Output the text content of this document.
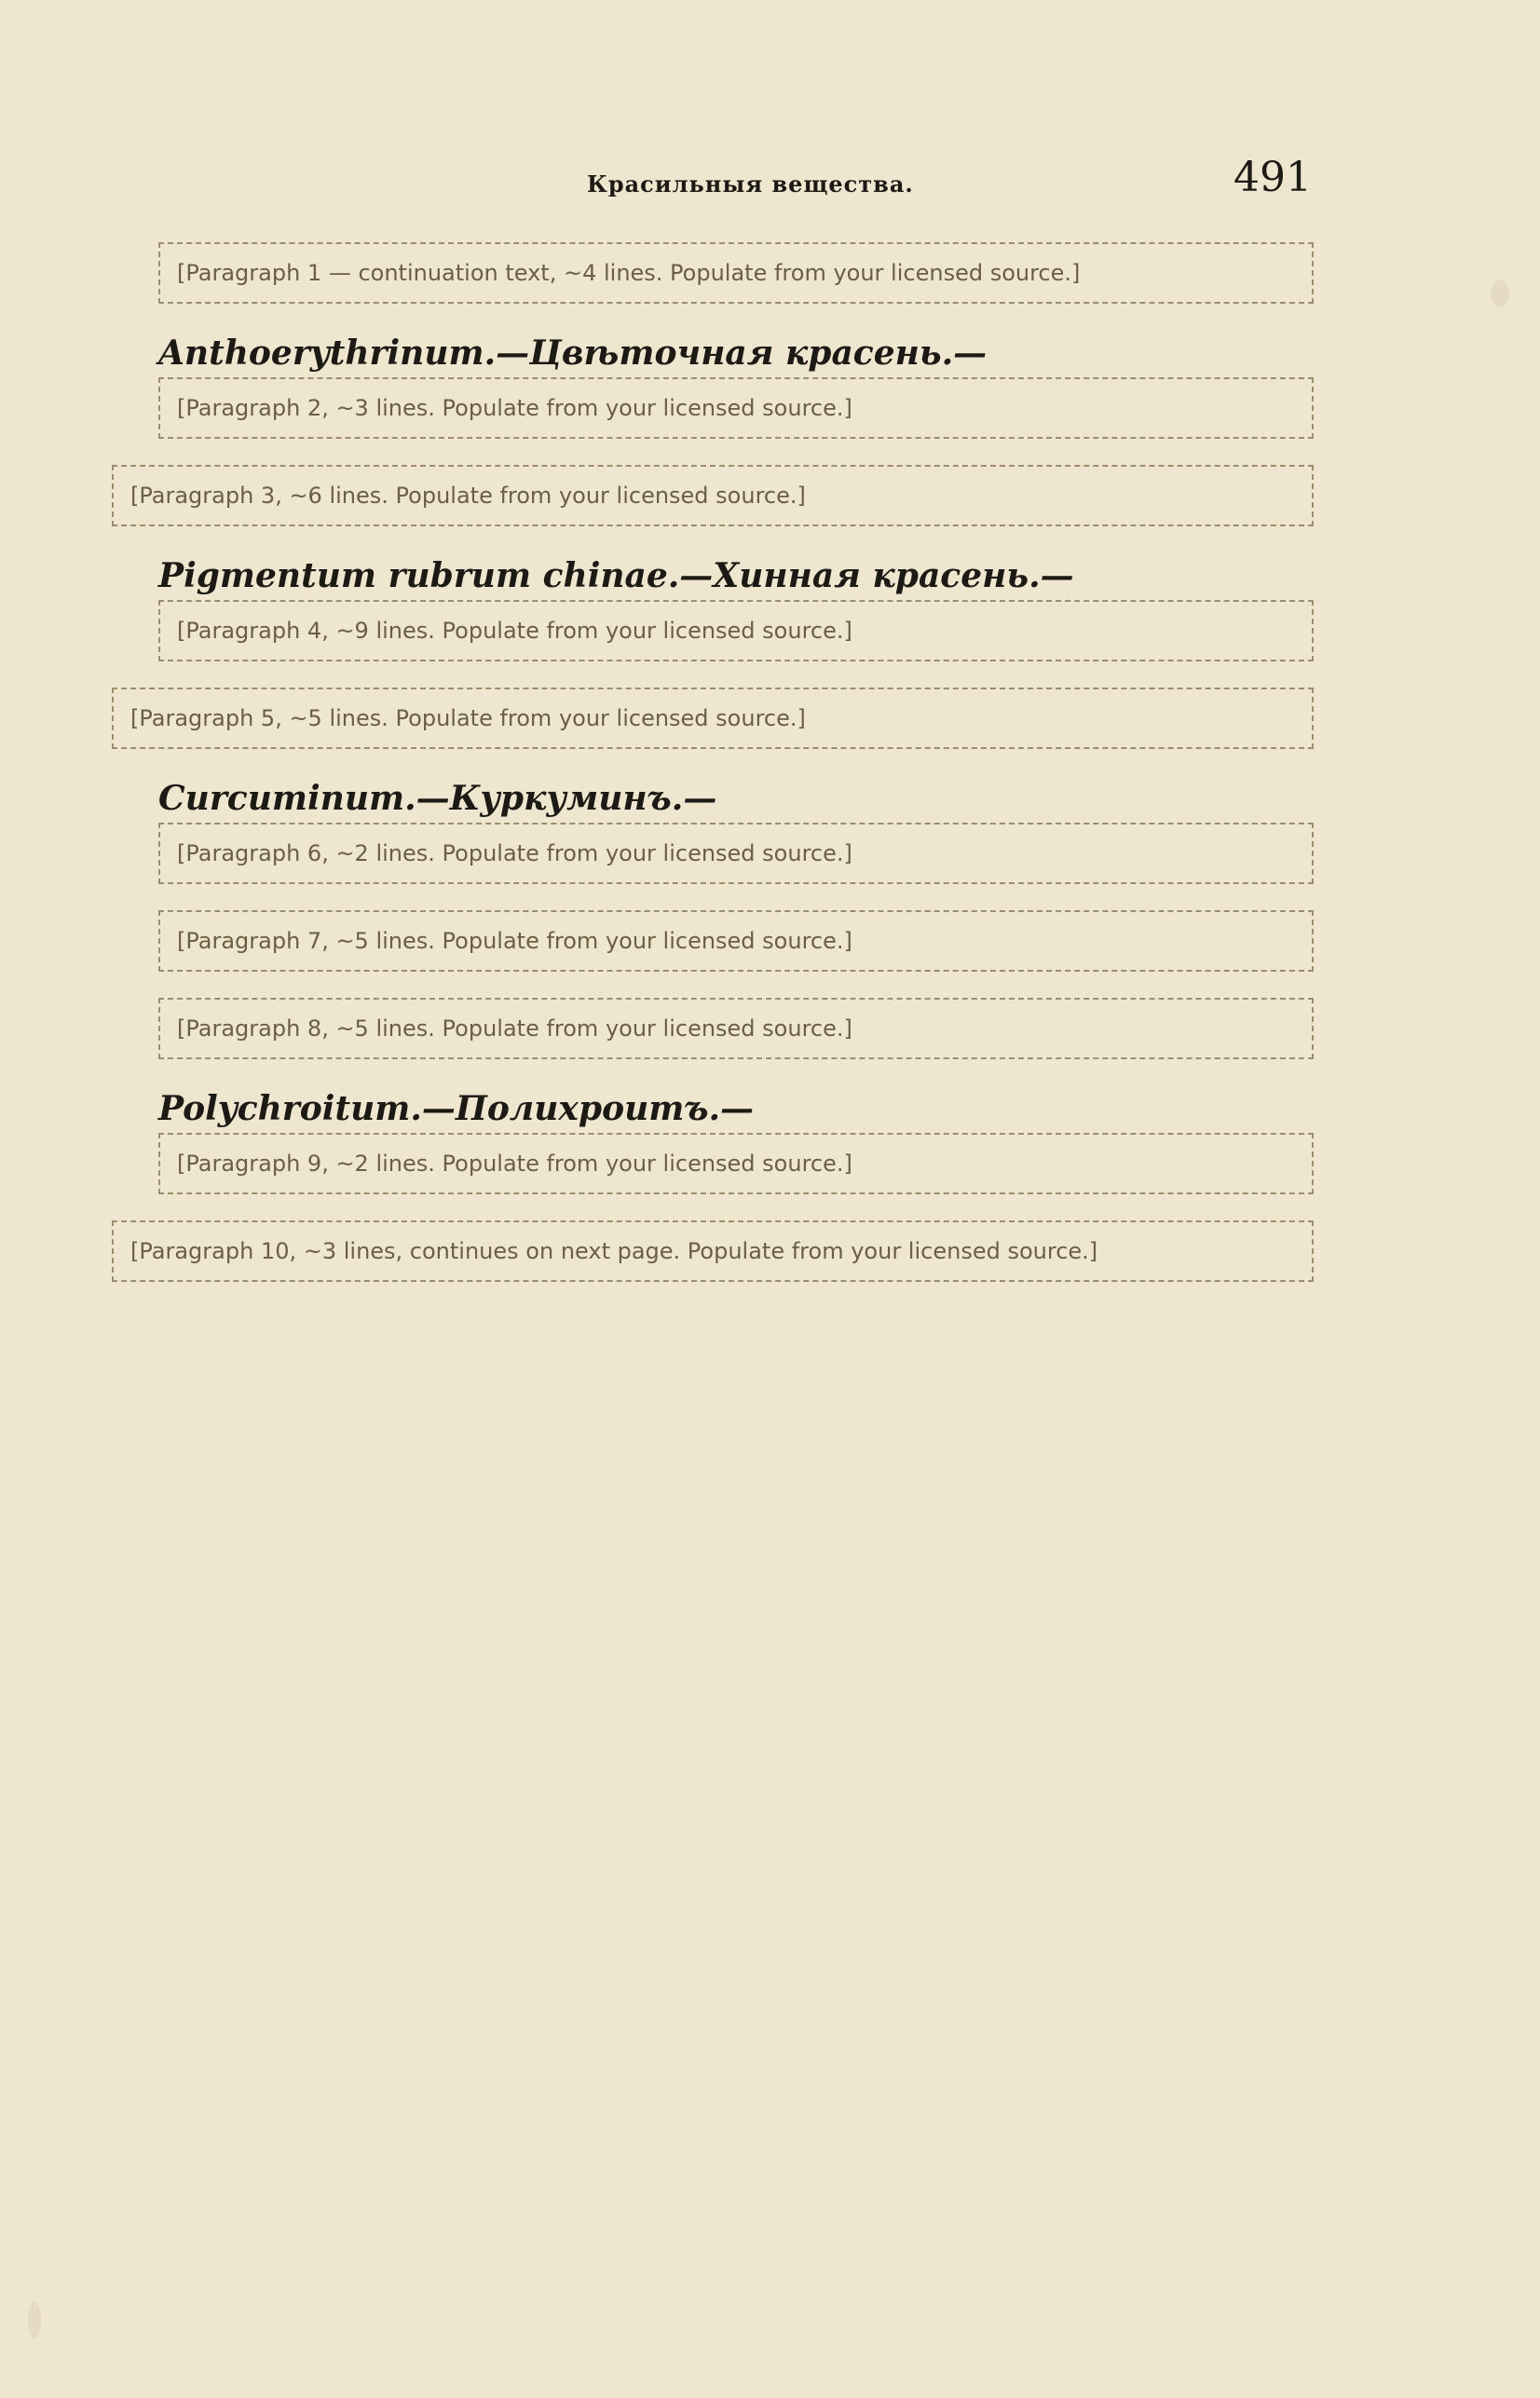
Красильныя вещества.	491

[Paragraph 1 — continuation text, ~4 lines. Populate from your licensed source.]

Anthoerythrinum.—Цвѣточная красень.—
[Paragraph 2, ~3 lines. Populate from your licensed source.]

[Paragraph 3, ~6 lines. Populate from your licensed source.]

Pigmentum rubrum chinae.—Хинная красень.—
[Paragraph 4, ~9 lines. Populate from your licensed source.]

[Paragraph 5, ~5 lines. Populate from your licensed source.]

Curcuminum.—Куркуминъ.—
[Paragraph 6, ~2 lines. Populate from your licensed source.]

[Paragraph 7, ~5 lines. Populate from your licensed source.]

[Paragraph 8, ~5 lines. Populate from your licensed source.]

Polychroitum.—Полихроитъ.—
[Paragraph 9, ~2 lines. Populate from your licensed source.]

[Paragraph 10, ~3 lines, continues on next page. Populate from your licensed source.]
